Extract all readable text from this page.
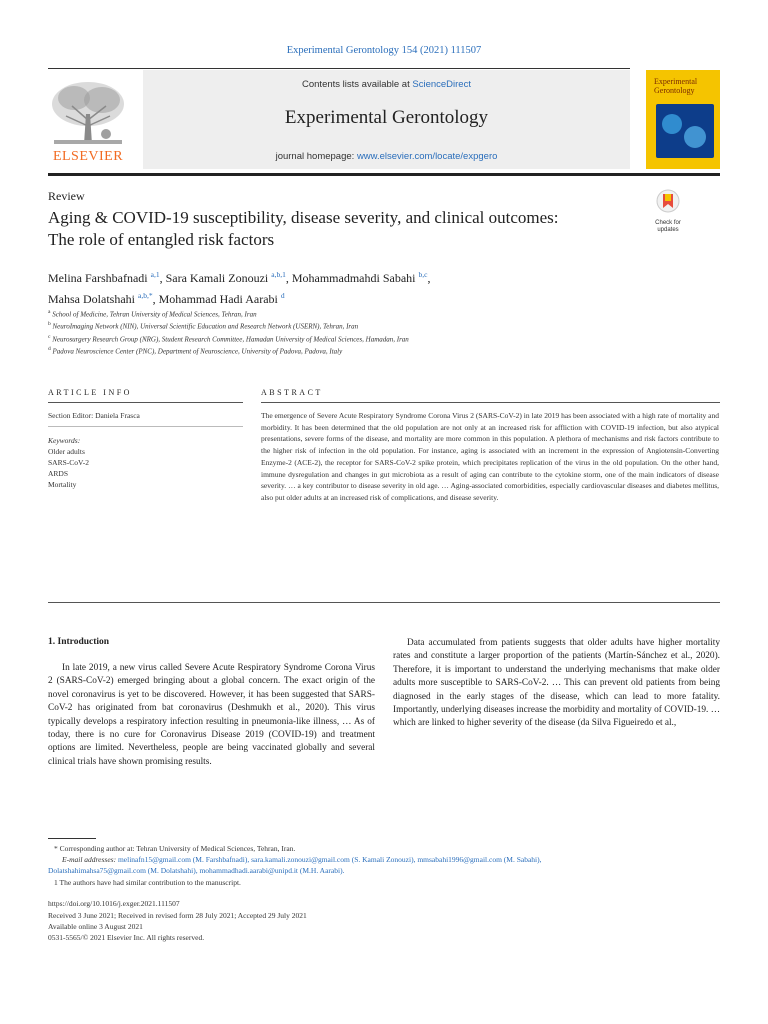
Experimental Gerontology 154 (2021) 111507
ELSEVIER
Contents lists available at ScienceDirect
Experimental Gerontology
journal homepage: www.elsevier.com/locate/expgero
Experimental
Gerontology
Review
Aging & COVID-19 susceptibility, disease severity, and clinical outcomes:
The role of entangled risk factors
Check for
updates
Melina Farshbafnadi $^{a,1}$, Sara Kamali Zonouzi $^{a,b,1}$, Mohammadmahdi Sabahi $^{b,c}$,
Mahsa Dolatshahi $^{a,b,*}$, Mohammad Hadi Aarabi $^d$
$^a$ School of Medicine, Tehran University of Medical Sciences, Tehran, Iran
$^b$ NeuroImaging Network (NIN), Universal Scientific Education and Research Network (USERN), Tehran, Iran
$^c$ Neurosurgery Research Group (NRG), Student Research Committee, Hamadan University of Medical Sciences, Hamadan, Iran
$^d$ Padova Neuroscience Center (PNC), Department of Neuroscience, University of Padova, Padova, Italy
ARTICLE INFO
Section Editor: Daniela Frasca
Keywords:
Older adults
SARS-CoV-2
ARDS
Mortality
ABSTRACT
The emergence of Severe Acute Respiratory Syndrome Corona Virus 2 (SARS-CoV-2) in late 2019 has been associated with a high rate of mortality and morbidity. It has been determined that the old population are not only at an increased risk for affliction with COVID-19 infection, but also atypical presentations, severe forms of the disease, and mortality are more common in this population. A plethora of mechanisms and risk factors contribute to the higher risk of infection in the old population. For instance, aging is associated with an increment in the expression of Angiotensin-Converting Enzyme-2 (ACE-2), the receptor for SARS-CoV-2 spike protein, which precipitates replication of the virus in the old population. On the other hand, immune dysregulation and changes in gut microbiota as a result of aging can contribute to the cytokine storm, one of the main indicators of disease severity. … a key contributor to disease severity in old age. … Aging-associated comorbidities, especially cardiovascular diseases and diabetes mellitus, also put older adults at an increased risk of complications, and disease severity.
1. Introduction

In late 2019, a new virus called Severe Acute Respiratory Syndrome Corona Virus 2 (SARS-CoV-2) emerged bringing about a global concern. The exact origin of the novel coronavirus is yet to be discovered. However, it has been suggested that SARS-CoV-2 has originated from bat coronavirus (Deshmukh et al., 2020). This virus typically develops a respiratory infection resulting in pneumonia-like illness, … As of today, there is no cure for Coronavirus Disease 2019 (COVID-19) and treatment options are limited. Nevertheless, people are being vaccinated globally and several clinical trials have shown promising results.

Data accumulated from patients suggests that older adults have higher mortality rates and constitute a larger proportion of the patients (Martín-Sánchez et al., 2020). Therefore, it is important to understand the underlying mechanisms that make older adults more susceptible to SARS-CoV-2. … This can prevent old patients from being diagnosed in the early stages of the disease, which can lead to more fatality. Importantly, underlying diseases increase the morbidity and mortality of COVID-19. … which are linked to higher severity of the disease (da Silva Figueiredo et al.,

* Corresponding author at: Tehran University of Medical Sciences, Tehran, Iran.
E-mail addresses: melinafn15@gmail.com (M. Farshbafnadi), sara.kamali.zonouzi@gmail.com (S. Kamali Zonouzi), mmsabahi1996@gmail.com (M. Sabahi),
Dolatshahimahsa75@gmail.com (M. Dolatshahi), mohammadhadi.aarabi@unipd.it (M.H. Aarabi).
1 The authors have had similar contribution to the manuscript.
https://doi.org/10.1016/j.exger.2021.111507
Received 3 June 2021; Received in revised form 28 July 2021; Accepted 29 July 2021
Available online 3 August 2021
0531-5565/© 2021 Elsevier Inc. All rights reserved.
